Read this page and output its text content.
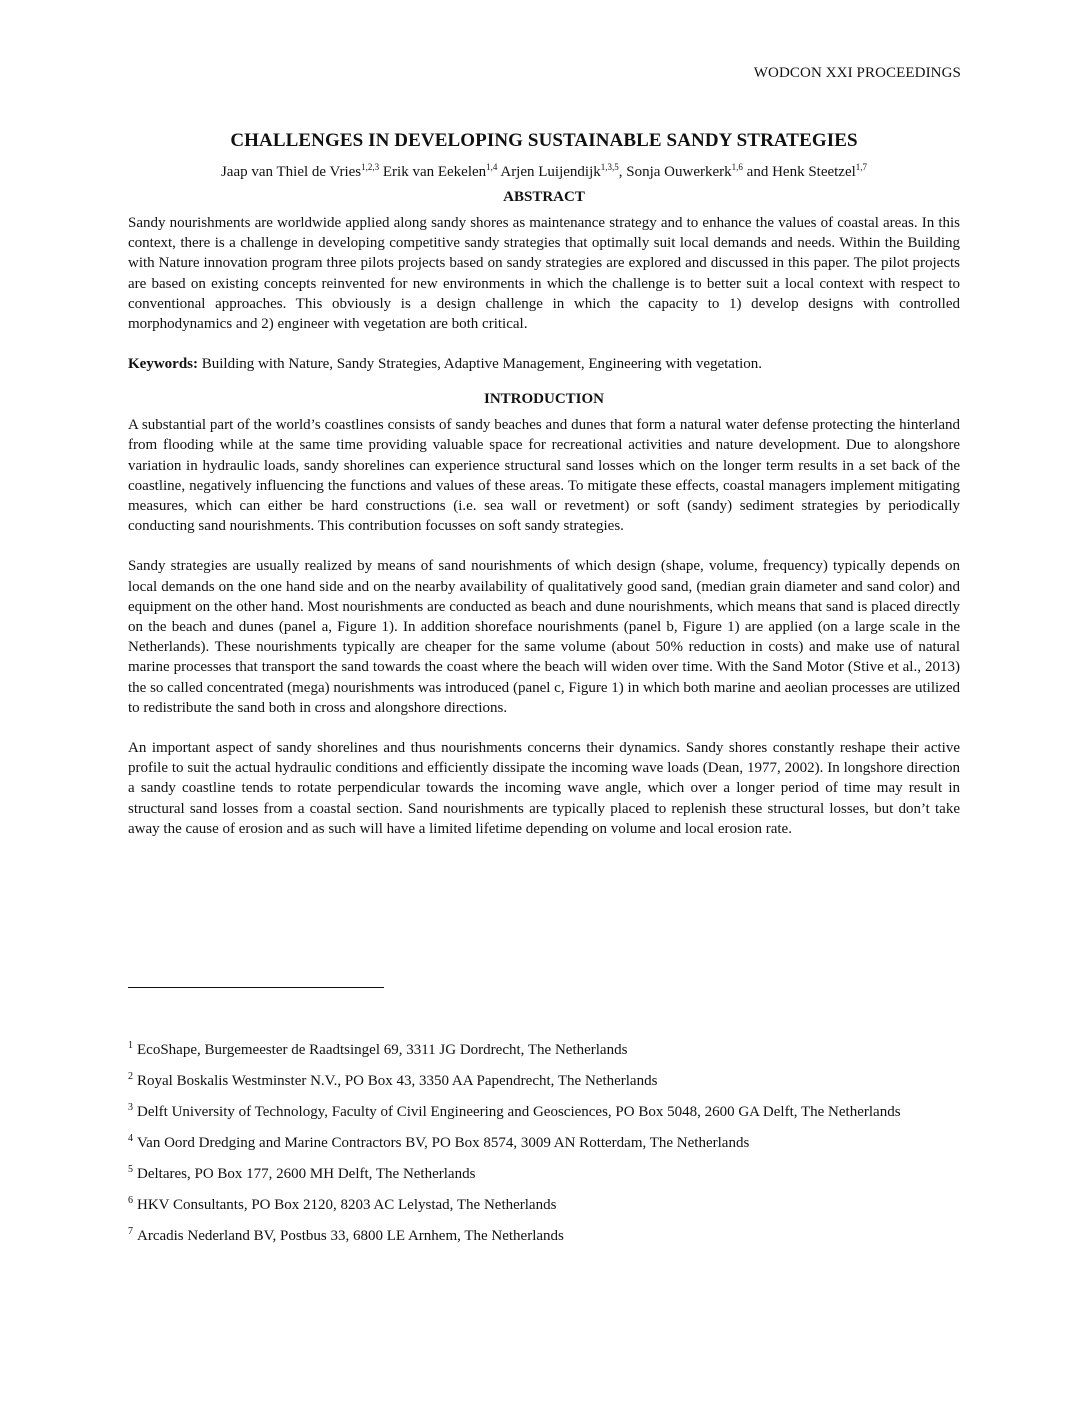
WODCON XXI PROCEEDINGS
CHALLENGES IN DEVELOPING SUSTAINABLE SANDY STRATEGIES
Jaap van Thiel de Vries$^{1,2,3}$ Erik van Eekelen$^{1,4}$ Arjen Luijendijk$^{1,3,5}$, Sonja Ouwerkerk$^{1,6}$ and Henk Steetzel$^{1,7}$
ABSTRACT

Sandy nourishments are worldwide applied along sandy shores as maintenance strategy and to enhance the values of coastal areas. In this context, there is a challenge in developing competitive sandy strategies that optimally suit local demands and needs. Within the Building with Nature innovation program three pilots projects based on sandy strategies are explored and discussed in this paper. The pilot projects are based on existing concepts reinvented for new environments in which the challenge is to better suit a local context with respect to conventional approaches. This obviously is a design challenge in which the capacity to 1) develop designs with controlled morphodynamics and 2) engineer with vegetation are both critical.

Keywords: Building with Nature, Sandy Strategies, Adaptive Management, Engineering with vegetation.
INTRODUCTION

A substantial part of the world’s coastlines consists of sandy beaches and dunes that form a natural water defense protecting the hinterland from flooding while at the same time providing valuable space for recreational activities and nature development. Due to alongshore variation in hydraulic loads, sandy shorelines can experience structural sand losses which on the longer term results in a set back of the coastline, negatively influencing the functions and values of these areas. To mitigate these effects, coastal managers implement mitigating measures, which can either be hard constructions (i.e. sea wall or revetment) or soft (sandy) sediment strategies by periodically conducting sand nourishments. This contribution focusses on soft sandy strategies.

Sandy strategies are usually realized by means of sand nourishments of which design (shape, volume, frequency) typically depends on local demands on the one hand side and on the nearby availability of qualitatively good sand, (median grain diameter and sand color) and equipment on the other hand. Most nourishments are conducted as beach and dune nourishments, which means that sand is placed directly on the beach and dunes (panel a, Figure 1). In addition shoreface nourishments (panel b, Figure 1) are applied (on a large scale in the Netherlands). These nourishments typically are cheaper for the same volume (about 50% reduction in costs) and make use of natural marine processes that transport the sand towards the coast where the beach will widen over time. With the Sand Motor (Stive et al., 2013) the so called concentrated (mega) nourishments was introduced (panel c, Figure 1) in which both marine and aeolian processes are utilized to redistribute the sand both in cross and alongshore directions.

An important aspect of sandy shorelines and thus nourishments concerns their dynamics. Sandy shores constantly reshape their active profile to suit the actual hydraulic conditions and efficiently dissipate the incoming wave loads (Dean, 1977, 2002). In longshore direction a sandy coastline tends to rotate perpendicular towards the incoming wave angle, which over a longer period of time may result in structural sand losses from a coastal section. Sand nourishments are typically placed to replenish these structural losses, but don’t take away the cause of erosion and as such will have a limited lifetime depending on volume and local erosion rate.

$^1$ EcoShape, Burgemeester de Raadtsingel 69, 3311 JG Dordrecht, The Netherlands
$^2$ Royal Boskalis Westminster N.V., PO Box 43, 3350 AA Papendrecht, The Netherlands
$^3$ Delft University of Technology, Faculty of Civil Engineering and Geosciences, PO Box 5048, 2600 GA Delft, The Netherlands
$^4$ Van Oord Dredging and Marine Contractors BV, PO Box 8574, 3009 AN Rotterdam, The Netherlands
$^5$ Deltares, PO Box 177, 2600 MH Delft, The Netherlands
$^6$ HKV Consultants, PO Box 2120, 8203 AC Lelystad, The Netherlands
$^7$ Arcadis Nederland BV, Postbus 33, 6800 LE Arnhem, The Netherlands
